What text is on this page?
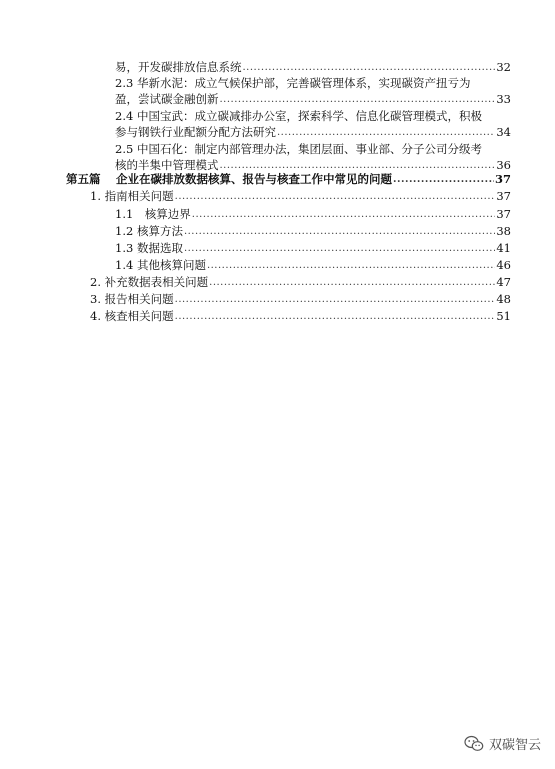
易，开发碳排放信息系统 .....	32
2.3 华新水泥：成立气候保护部，完善碳管理体系，实现碳资产扭亏为
盈，尝试碳金融创新 .....	33
2.4 中国宝武：成立碳减排办公室，探索科学、信息化碳管理模式，积极
参与钢铁行业配额分配方法研究 .....	34
2.5 中国石化：制定内部管理办法，集团层面、事业部、分子公司分级考
核的半集中管理模式 .....	36
第五篇　 企业在碳排放数据核算、报告与核查工作中常见的问题 .....	37
1. 指南相关问题 .....	37
1.1　核算边界 .....	37
1.2 核算方法 .....	38
1.3 数据选取 .....	41
1.4 其他核算问题 .....	46
2. 补充数据表相关问题 .....	47
3. 报告相关问题 .....	48
4. 核查相关问题 .....	51
双碳智云
